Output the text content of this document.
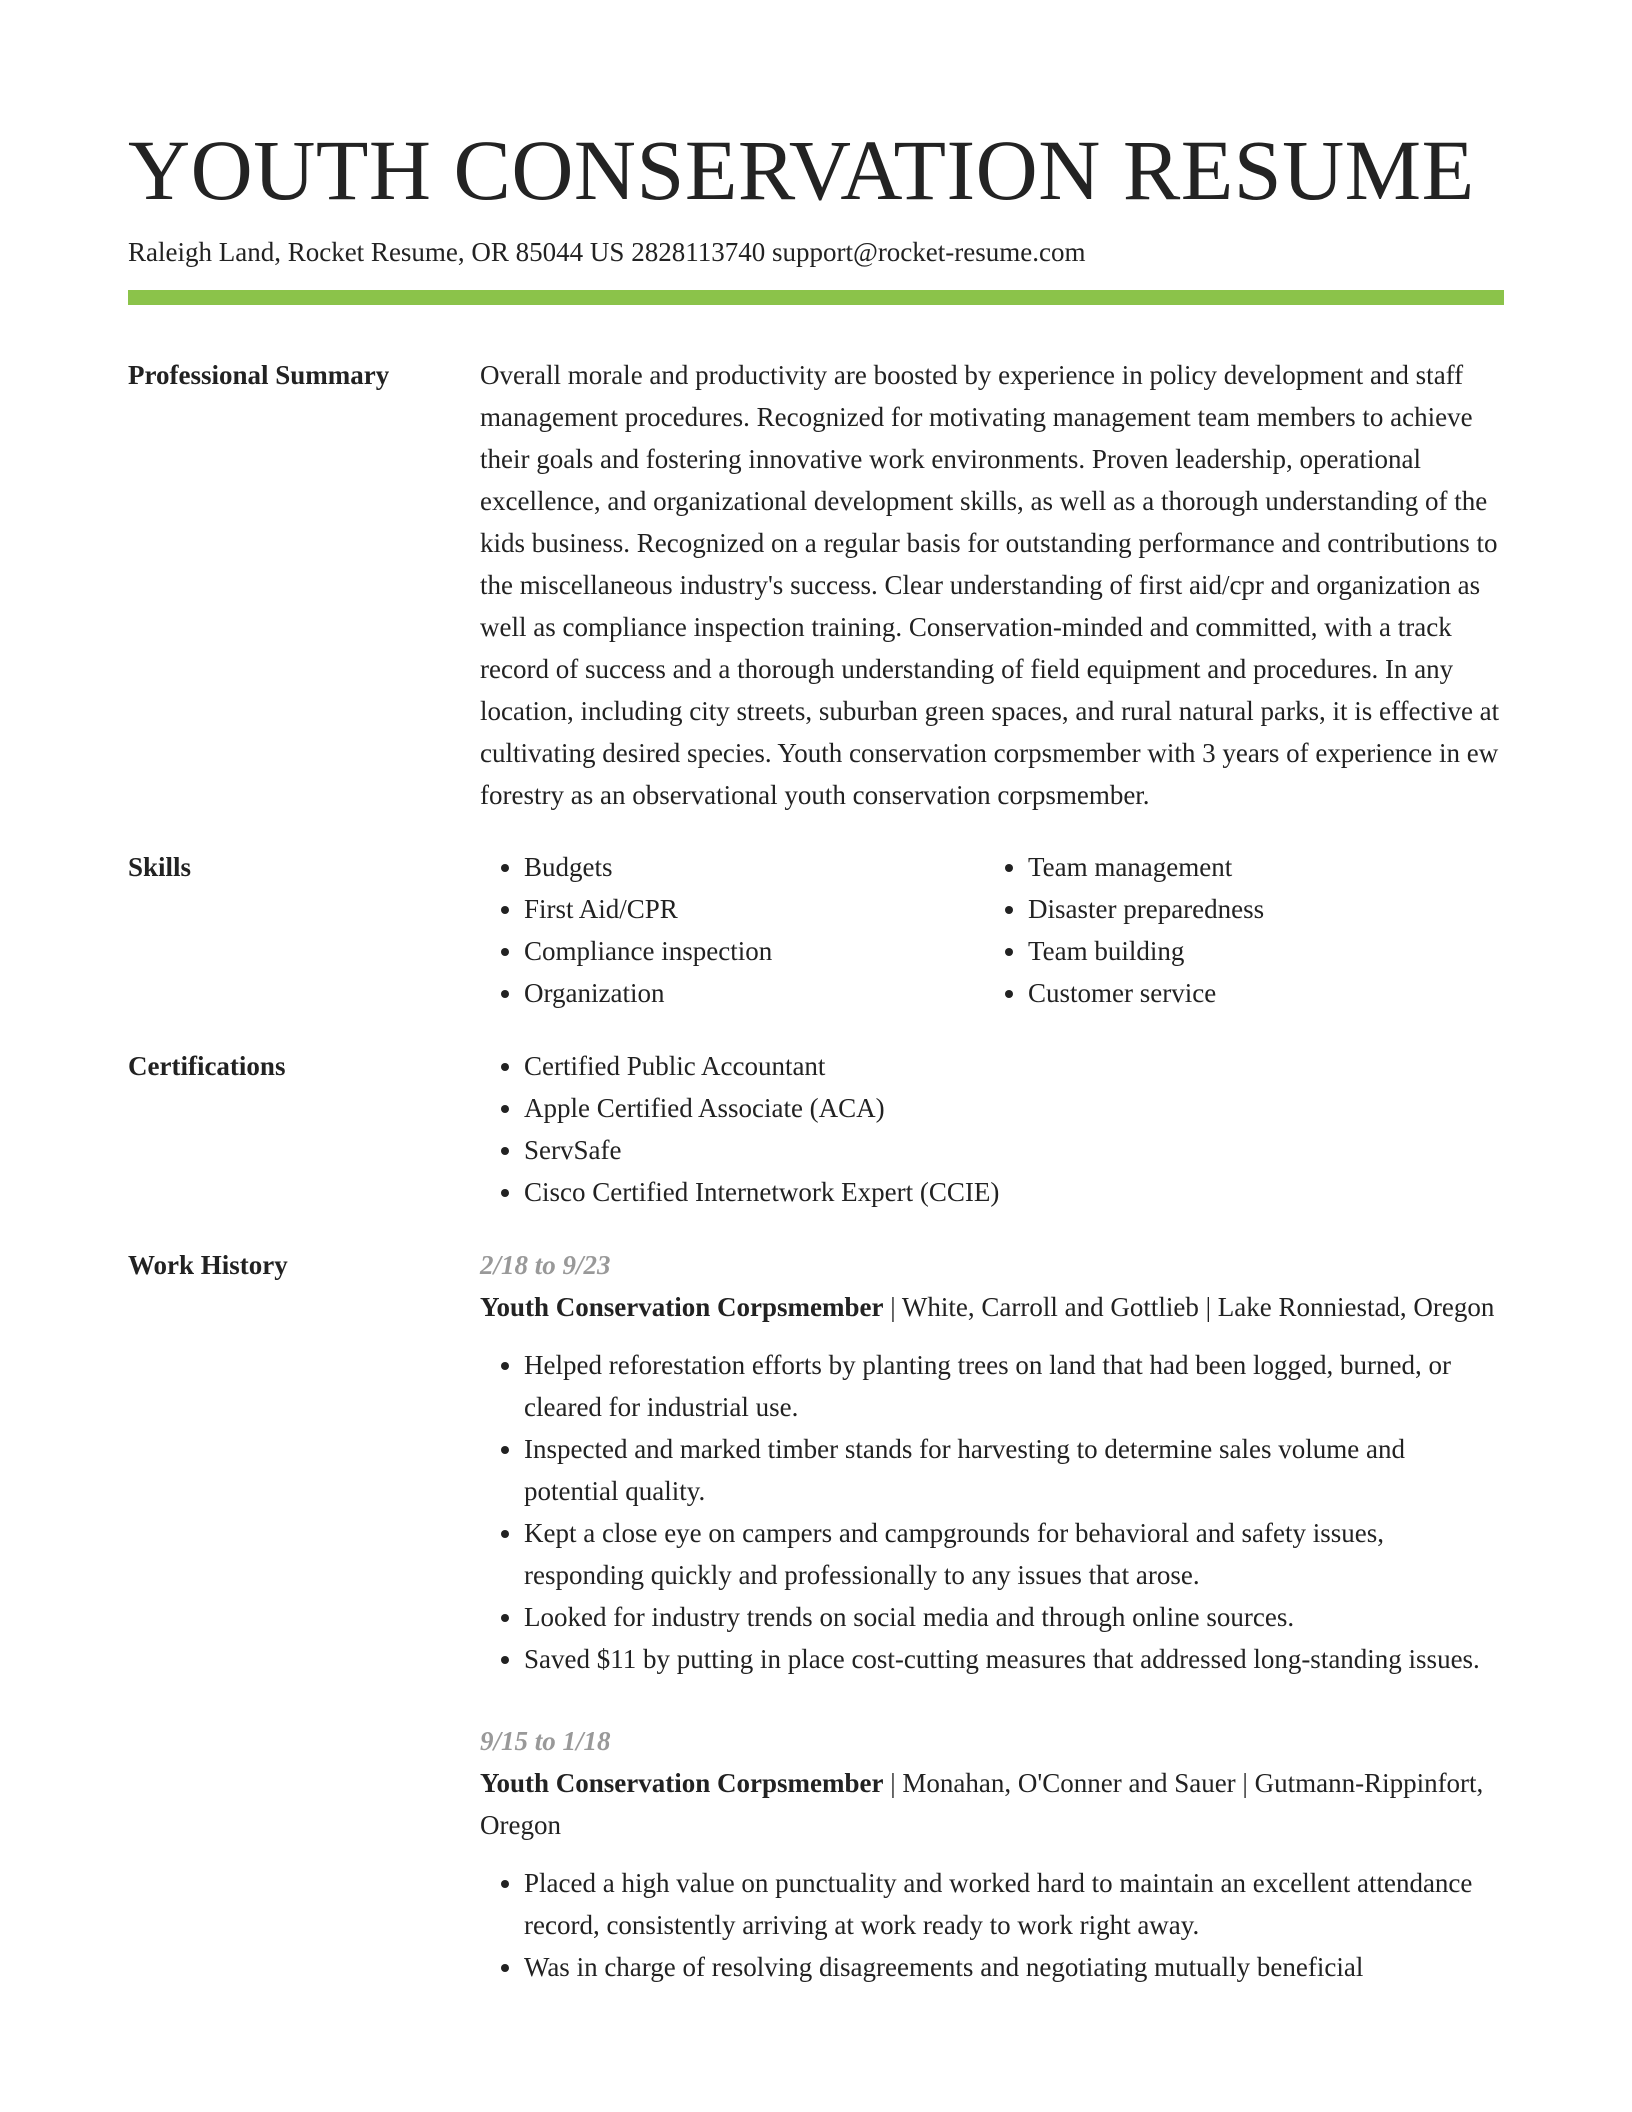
YOUTH CONSERVATION RESUME
Raleigh Land, Rocket Resume, OR 85044 US 2828113740 support@rocket-resume.com
Professional Summary	Overall morale and productivity are boosted by experience in policy development and staff management procedures. Recognized for motivating management team members to achieve their goals and fostering innovative work environments. Proven leadership, operational excellence, and organizational development skills, as well as a thorough understanding of the kids business. Recognized on a regular basis for outstanding performance and contributions to the miscellaneous industry's success. Clear understanding of first aid/cpr and organization as well as compliance inspection training. Conservation-minded and committed, with a track record of success and a thorough understanding of field equipment and procedures. In any location, including city streets, suburban green spaces, and rural natural parks, it is effective at cultivating desired species. Youth conservation corpsmember with 3 years of experience in ew forestry as an observational youth conservation corpsmember.
Skills	• Budgets
• First Aid/CPR
• Compliance inspection
• Organization
• Team management
• Disaster preparedness
• Team building
• Customer service
Certifications	• Certified Public Accountant
• Apple Certified Associate (ACA)
• ServSafe
• Cisco Certified Internetwork Expert (CCIE)
Work History	2/18 to 9/23
Youth Conservation Corpsmember | White, Carroll and Gottlieb | Lake Ronniestad, Oregon
• Helped reforestation efforts by planting trees on land that had been logged, burned, or cleared for industrial use.
• Inspected and marked timber stands for harvesting to determine sales volume and potential quality.
• Kept a close eye on campers and campgrounds for behavioral and safety issues, responding quickly and professionally to any issues that arose.
• Looked for industry trends on social media and through online sources.
• Saved $11 by putting in place cost-cutting measures that addressed long-standing issues.
9/15 to 1/18
Youth Conservation Corpsmember | Monahan, O'Conner and Sauer | Gutmann-Rippinfort, Oregon
• Placed a high value on punctuality and worked hard to maintain an excellent attendance record, consistently arriving at work ready to work right away.
• Was in charge of resolving disagreements and negotiating mutually beneficial
